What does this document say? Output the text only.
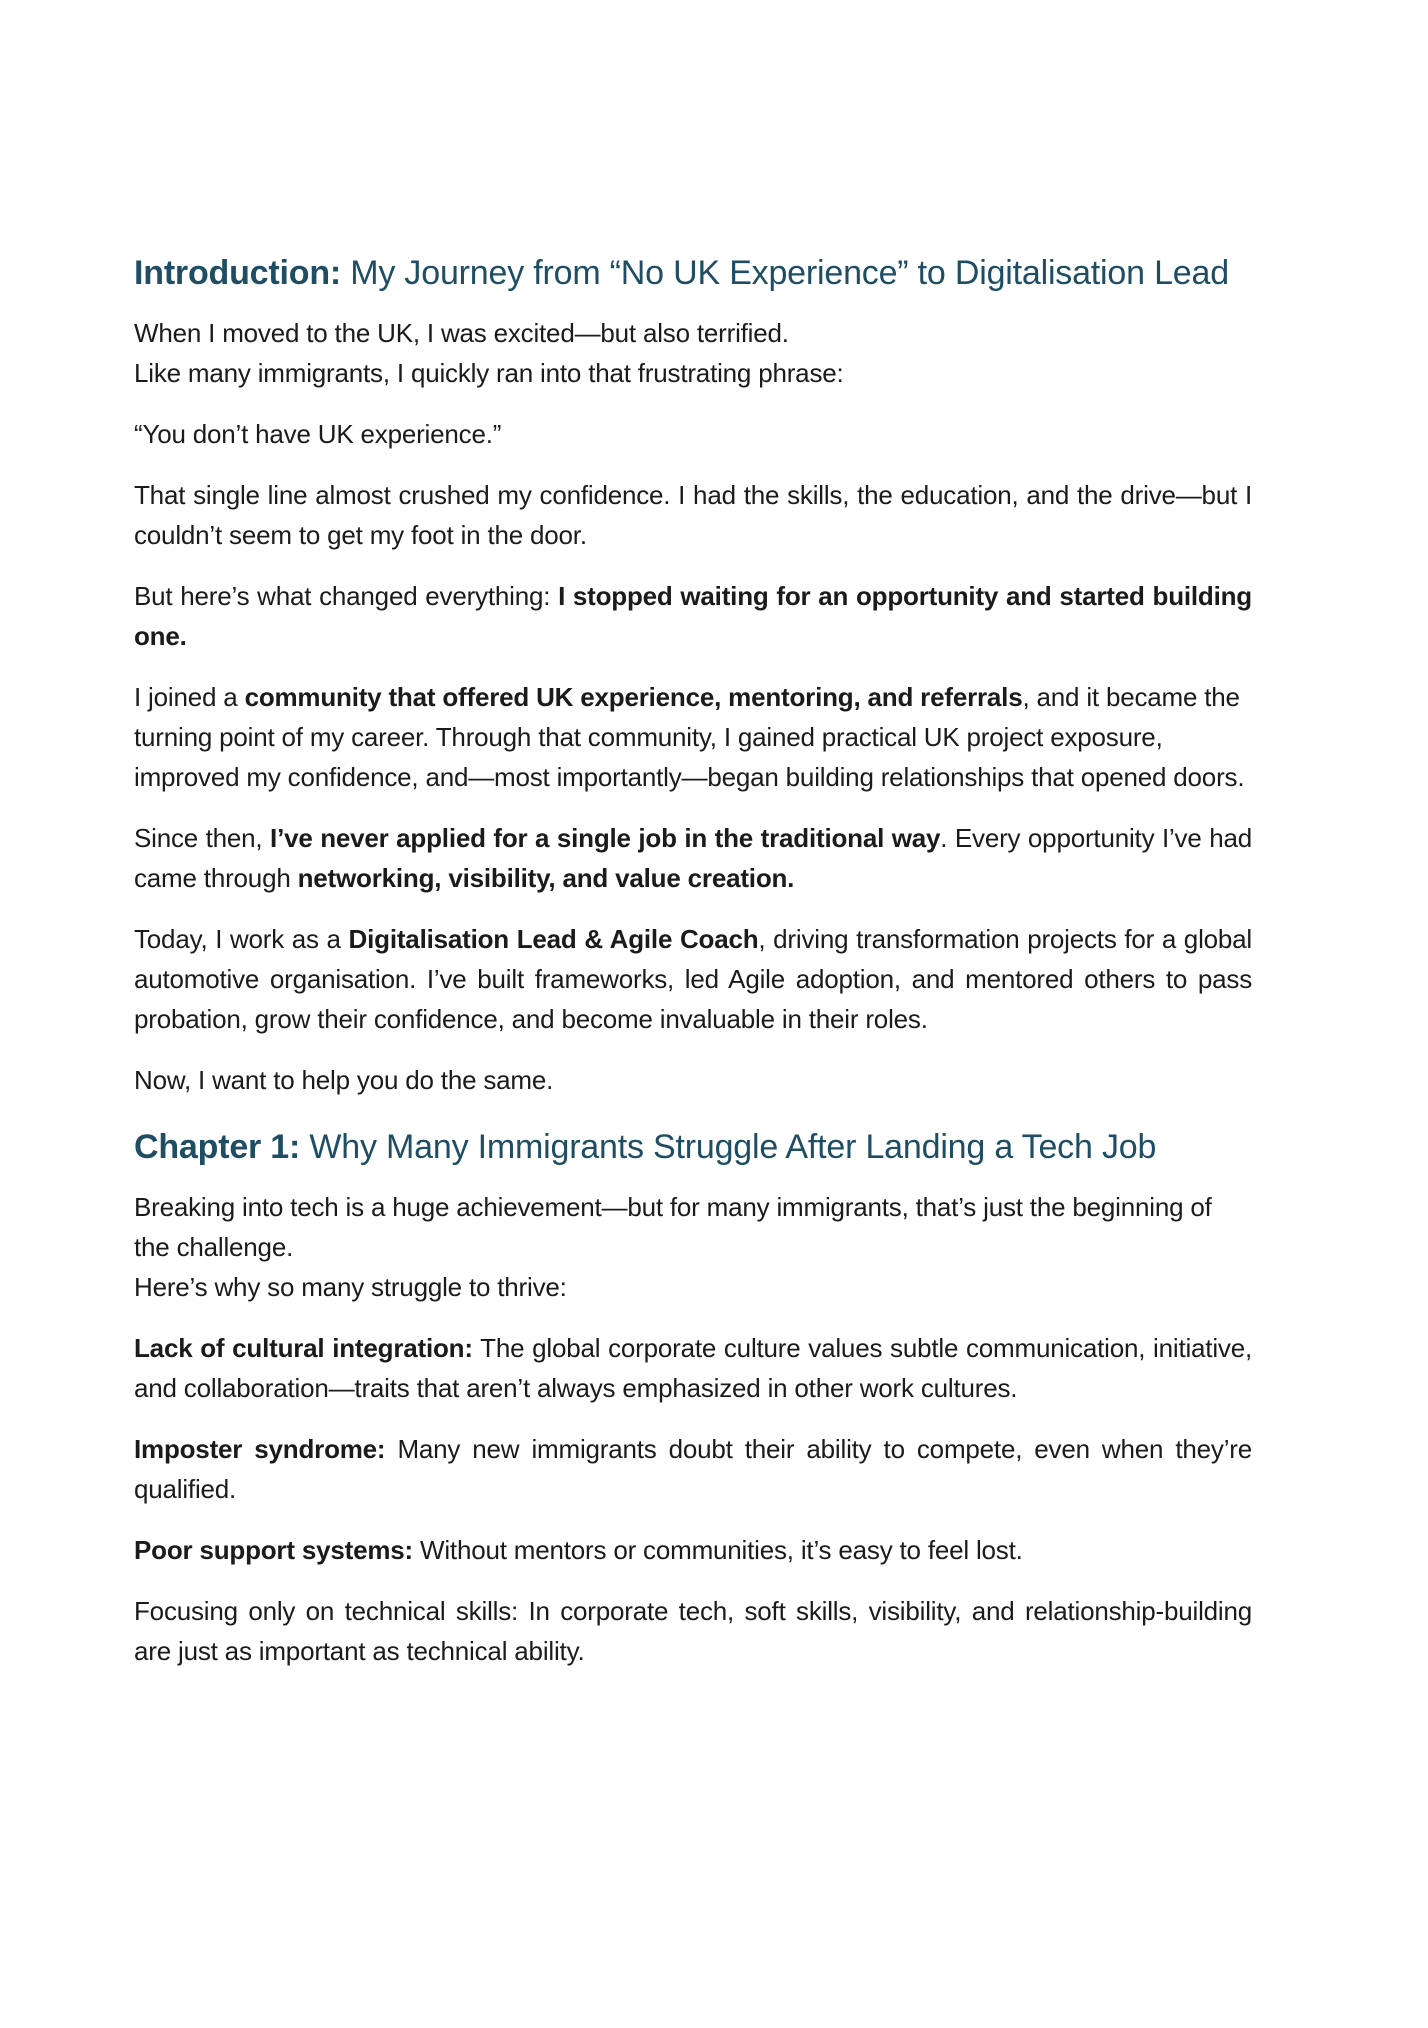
Introduction: My Journey from “No UK Experience” to Digitalisation Lead

When I moved to the UK, I was excited—but also terrified.
Like many immigrants, I quickly ran into that frustrating phrase:

“You don’t have UK experience.”

That single line almost crushed my confidence. I had the skills, the education, and the drive—but I couldn’t seem to get my foot in the door.

But here’s what changed everything: I stopped waiting for an opportunity and started building one.

I joined a community that offered UK experience, mentoring, and referrals, and it became the turning point of my career. Through that community, I gained practical UK project exposure, improved my confidence, and—most importantly—began building relationships that opened doors.

Since then, I’ve never applied for a single job in the traditional way. Every opportunity I’ve had came through networking, visibility, and value creation.

Today, I work as a Digitalisation Lead & Agile Coach, driving transformation projects for a global automotive organisation. I’ve built frameworks, led Agile adoption, and mentored others to pass probation, grow their confidence, and become invaluable in their roles.

Now, I want to help you do the same.

Chapter 1: Why Many Immigrants Struggle After Landing a Tech Job

Breaking into tech is a huge achievement—but for many immigrants, that’s just the beginning of the challenge.
Here’s why so many struggle to thrive:

Lack of cultural integration: The global corporate culture values subtle communication, initiative, and collaboration—traits that aren’t always emphasized in other work cultures.

Imposter syndrome: Many new immigrants doubt their ability to compete, even when they’re qualified.

Poor support systems: Without mentors or communities, it’s easy to feel lost.

Focusing only on technical skills: In corporate tech, soft skills, visibility, and relationship-building are just as important as technical ability.
